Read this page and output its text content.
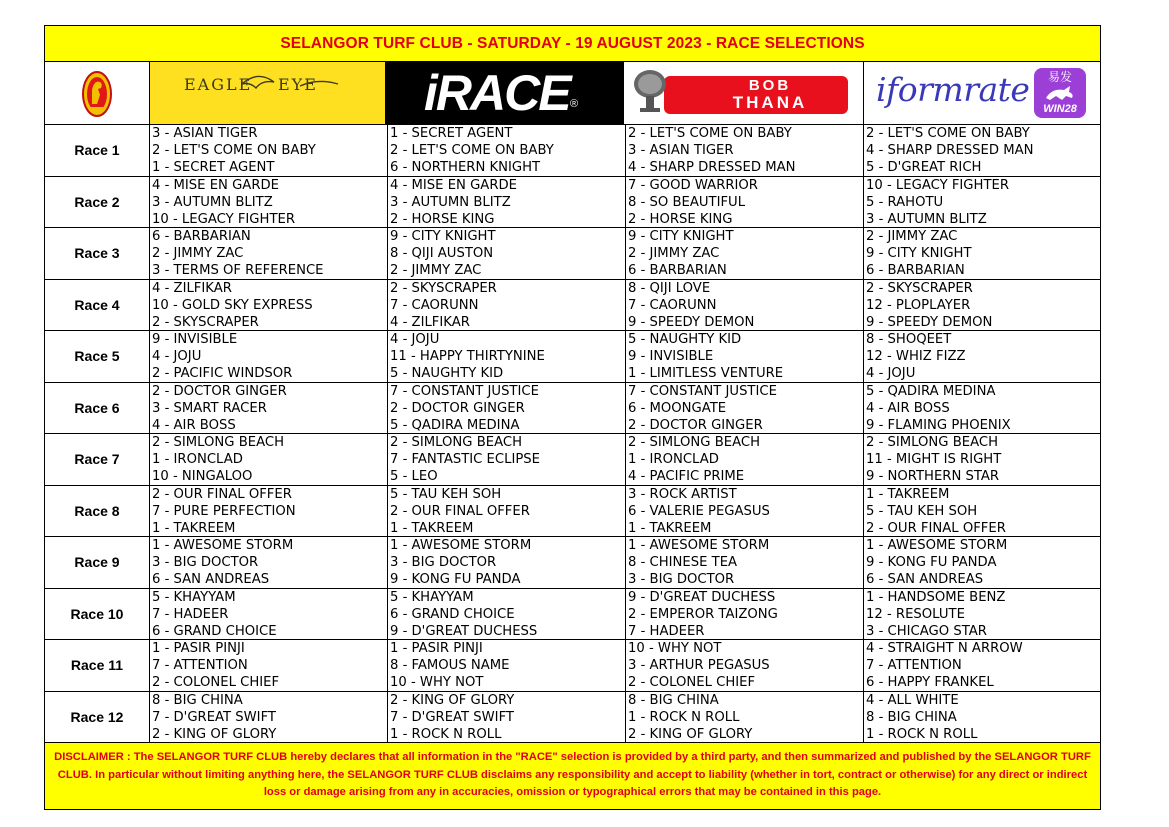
SELANGOR TURF CLUB - SATURDAY - 19 AUGUST 2023 - RACE SELECTIONS
EAGLE EYE iRACE ®
BOB
THANA	iformrate	易发
WIN28
Race 1
3 - ASIAN TIGER
2 - LET'S COME ON BABY
1 - SECRET AGENT
1 - SECRET AGENT
2 - LET'S COME ON BABY
6 - NORTHERN KNIGHT
2 - LET'S COME ON BABY
3 - ASIAN TIGER
4 - SHARP DRESSED MAN
2 - LET'S COME ON BABY
4 - SHARP DRESSED MAN
5 - D'GREAT RICH
Race 2
4 - MISE EN GARDE
3 - AUTUMN BLITZ
10 - LEGACY FIGHTER
4 - MISE EN GARDE
3 - AUTUMN BLITZ
2 - HORSE KING
7 - GOOD WARRIOR
8 - SO BEAUTIFUL
2 - HORSE KING
10 - LEGACY FIGHTER
5 - RAHOTU
3 - AUTUMN BLITZ
Race 3
6 - BARBARIAN
2 - JIMMY ZAC
3 - TERMS OF REFERENCE
9 - CITY KNIGHT
8 - QIJI AUSTON
2 - JIMMY ZAC
9 - CITY KNIGHT
2 - JIMMY ZAC
6 - BARBARIAN
2 - JIMMY ZAC
9 - CITY KNIGHT
6 - BARBARIAN
Race 4
4 - ZILFIKAR
10 - GOLD SKY EXPRESS
2 - SKYSCRAPER
2 - SKYSCRAPER
7 - CAORUNN
4 - ZILFIKAR
8 - QIJI LOVE
7 - CAORUNN
9 - SPEEDY DEMON
2 - SKYSCRAPER
12 - PLOPLAYER
9 - SPEEDY DEMON
Race 5
9 - INVISIBLE
4 - JOJU
2 - PACIFIC WINDSOR
4 - JOJU
11 - HAPPY THIRTYNINE
5 - NAUGHTY KID
5 - NAUGHTY KID
9 - INVISIBLE
1 - LIMITLESS VENTURE
8 - SHOQEET
12 - WHIZ FIZZ
4 - JOJU
Race 6
2 - DOCTOR GINGER
3 - SMART RACER
4 - AIR BOSS
7 - CONSTANT JUSTICE
2 - DOCTOR GINGER
5 - QADIRA MEDINA
7 - CONSTANT JUSTICE
6 - MOONGATE
2 - DOCTOR GINGER
5 - QADIRA MEDINA
4 - AIR BOSS
9 - FLAMING PHOENIX
Race 7
2 - SIMLONG BEACH
1 - IRONCLAD
10 - NINGALOO
2 - SIMLONG BEACH
7 - FANTASTIC ECLIPSE
5 - LEO
2 - SIMLONG BEACH
1 - IRONCLAD
4 - PACIFIC PRIME
2 - SIMLONG BEACH
11 - MIGHT IS RIGHT
9 - NORTHERN STAR
Race 8
2 - OUR FINAL OFFER
7 - PURE PERFECTION
1 - TAKREEM
5 - TAU KEH SOH
2 - OUR FINAL OFFER
1 - TAKREEM
3 - ROCK ARTIST
6 - VALERIE PEGASUS
1 - TAKREEM
1 - TAKREEM
5 - TAU KEH SOH
2 - OUR FINAL OFFER
Race 9
1 - AWESOME STORM
3 - BIG DOCTOR
6 - SAN ANDREAS
1 - AWESOME STORM
3 - BIG DOCTOR
9 - KONG FU PANDA
1 - AWESOME STORM
8 - CHINESE TEA
3 - BIG DOCTOR
1 - AWESOME STORM
9 - KONG FU PANDA
6 - SAN ANDREAS
Race 10
5 - KHAYYAM
7 - HADEER
6 - GRAND CHOICE
5 - KHAYYAM
6 - GRAND CHOICE
9 - D'GREAT DUCHESS
9 - D'GREAT DUCHESS
2 - EMPEROR TAIZONG
7 - HADEER
1 - HANDSOME BENZ
12 - RESOLUTE
3 - CHICAGO STAR
Race 11
1 - PASIR PINJI
7 - ATTENTION
2 - COLONEL CHIEF
1 - PASIR PINJI
8 - FAMOUS NAME
10 - WHY NOT
10 - WHY NOT
3 - ARTHUR PEGASUS
2 - COLONEL CHIEF
4 - STRAIGHT N ARROW
7 - ATTENTION
6 - HAPPY FRANKEL
Race 12
8 - BIG CHINA
7 - D'GREAT SWIFT
2 - KING OF GLORY
2 - KING OF GLORY
7 - D'GREAT SWIFT
1 - ROCK N ROLL
8 - BIG CHINA
1 - ROCK N ROLL
2 - KING OF GLORY
4 - ALL WHITE
8 - BIG CHINA
1 - ROCK N ROLL
DISCLAIMER : The SELANGOR TURF CLUB hereby declares that all information in the "RACE" selection is provided by a third party, and then summarized and published by the SELANGOR TURF CLUB. In particular without limiting anything here, the SELANGOR TURF CLUB disclaims any responsibility and accept to liability (whether in tort, contract or otherwise) for any direct or indirect loss or damage arising from any in accuracies, omission or typographical errors that may be contained in this page.
